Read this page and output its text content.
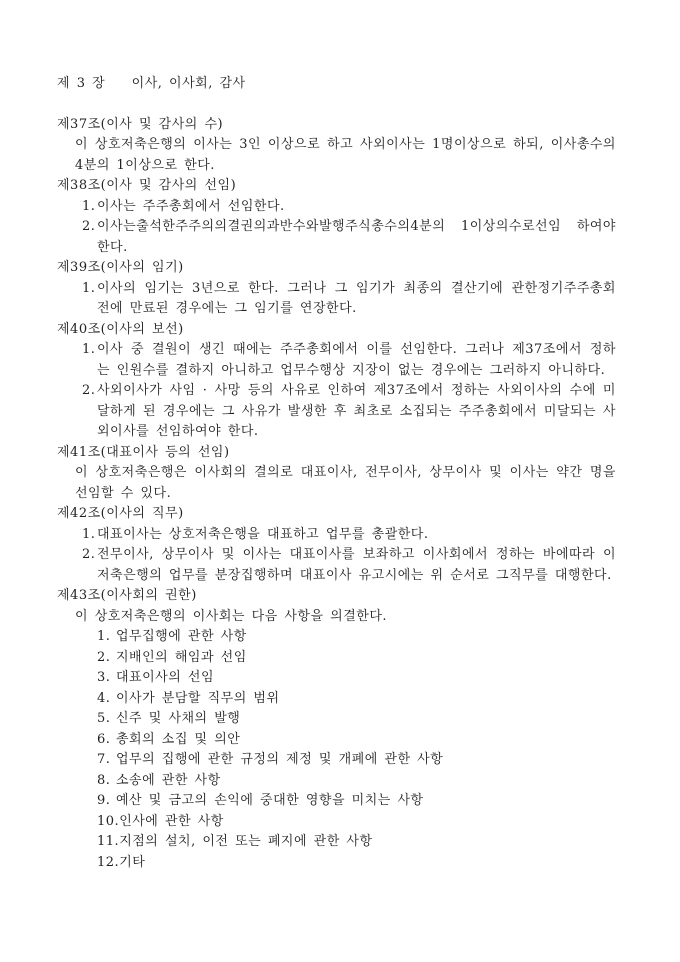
제 3 장    이사, 이사회, 감사
제37조(이사 및 감사의 수)

이 상호저축은행의 이사는 3인 이상으로 하고 사외이사는 1명이상으로 하되, 이사총수의 4분의 1이상으로 한다.

제38조(이사 및 감사의 선임)
1. 이사는 주주총회에서 선임한다.
2. 이사는출석한주주의의결권의과반수와발행주식총수의4분의 1이상의수로선임 하여야 한다.
제39조(이사의 임기)
1. 이사의 임기는 3년으로 한다. 그러나 그 임기가 최종의 결산기에 관한정기주주총회 전에 만료된 경우에는 그 임기를 연장한다.
제40조(이사의 보선)
1. 이사 중 결원이 생긴 때에는 주주총회에서 이를 선임한다. 그러나 제37조에서 정하는 인원수를 결하지 아니하고 업무수행상 지장이 없는 경우에는 그러하지 아니하다.
2. 사외이사가 사임 · 사망 등의 사유로 인하여 제37조에서 정하는 사외이사의 수에 미달하게 된 경우에는 그 사유가 발생한 후 최초로 소집되는 주주총회에서 미달되는 사외이사를 선임하여야 한다.
제41조(대표이사 등의 선임)

이 상호저축은행은 이사회의 결의로 대표이사, 전무이사, 상무이사 및 이사는 약간 명을 선임할 수 있다.

제42조(이사의 직무)
1. 대표이사는 상호저축은행을 대표하고 업무를 총괄한다.
2. 전무이사, 상무이사 및 이사는 대표이사를 보좌하고 이사회에서 정하는 바에따라 이 저축은행의 업무를 분장집행하며 대표이사 유고시에는 위 순서로 그직무를 대행한다.
제43조(이사회의 권한)

이 상호저축은행의 이사회는 다음 사항을 의결한다.

1. 업무집행에 관한 사항
2. 지배인의 해임과 선임
3. 대표이사의 선임
4. 이사가 분담할 직무의 범위
5. 신주 및 사채의 발행
6. 총회의 소집 및 의안
7. 업무의 집행에 관한 규정의 제정 및 개폐에 관한 사항
8. 소송에 관한 사항
9. 예산 및 금고의 손익에 중대한 영향을 미치는 사항
10. 인사에 관한 사항
11. 지점의 설치, 이전 또는 폐지에 관한 사항
12. 기타
